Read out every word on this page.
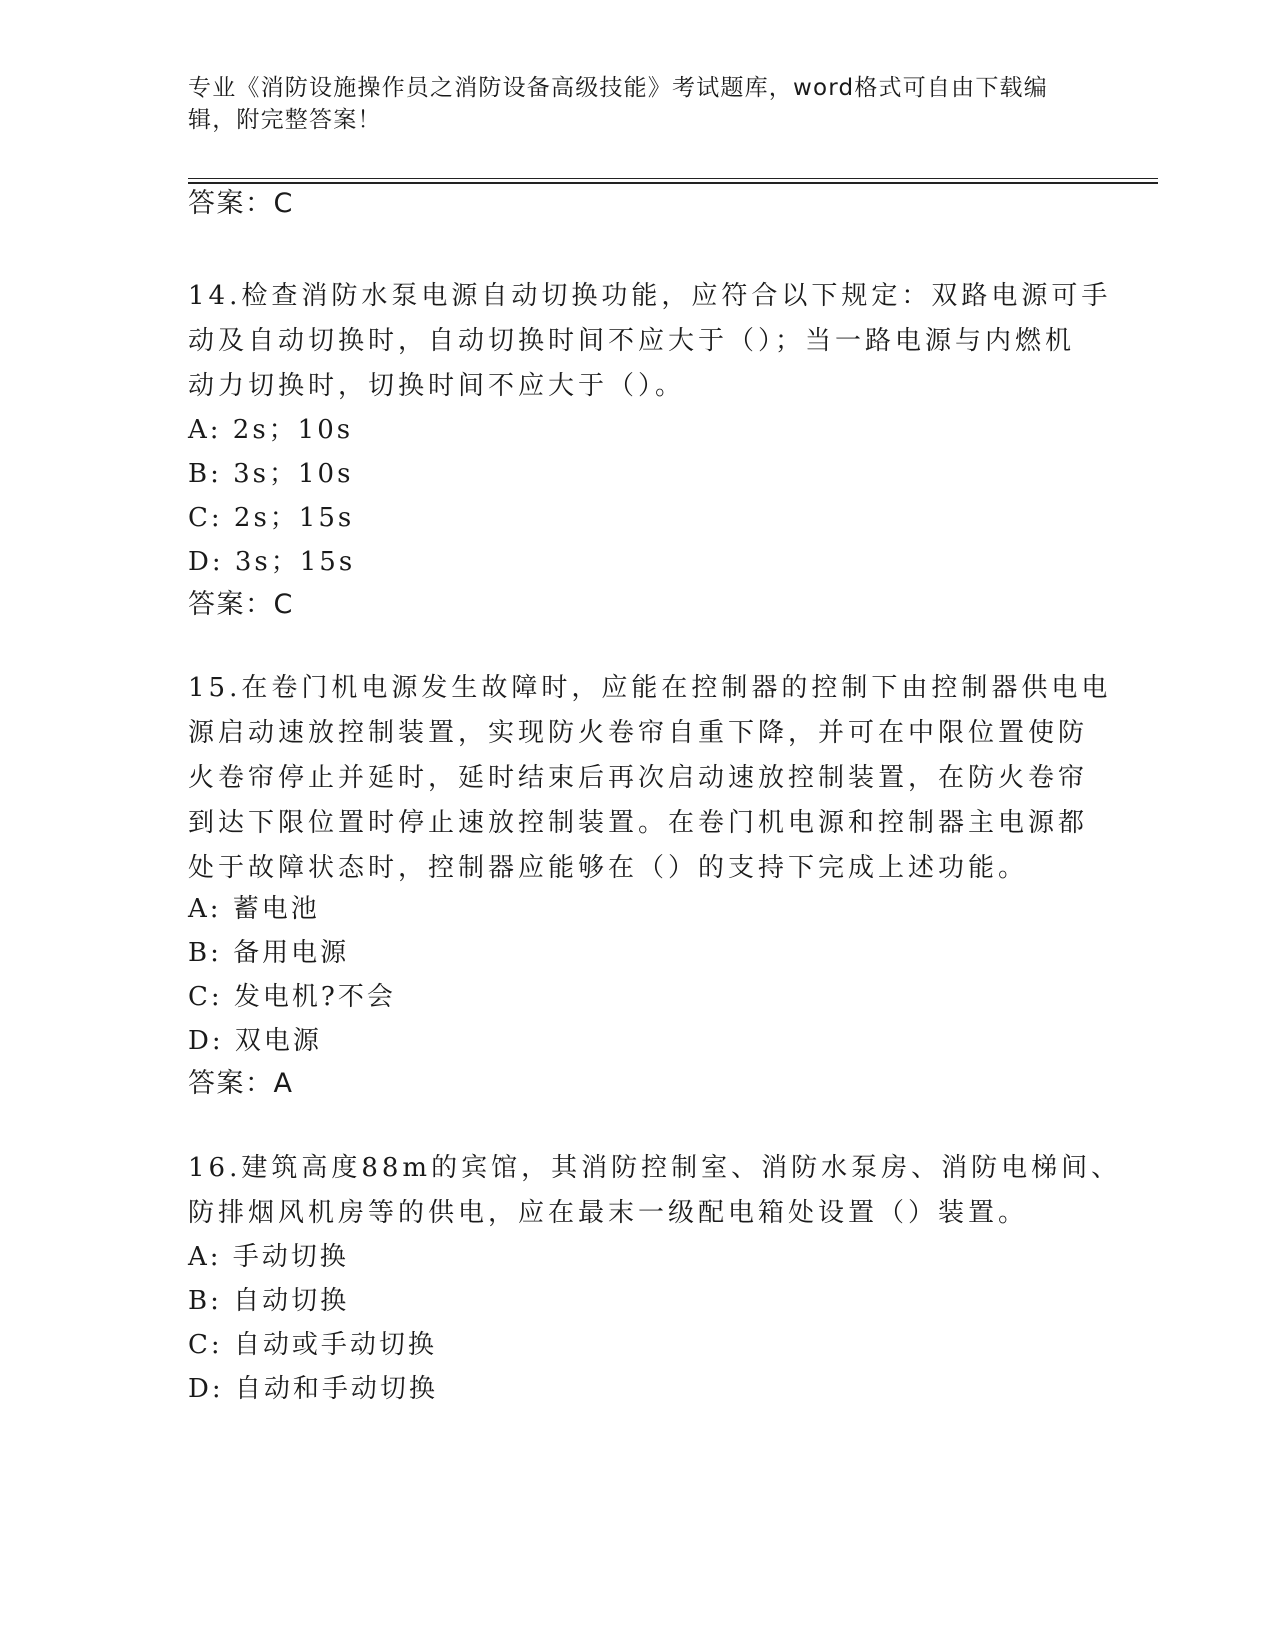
专业《消防设施操作员之消防设备高级技能》考试题库，word格式可自由下载编
辑，附完整答案！
答案：C
14.检查消防水泵电源自动切换功能，应符合以下规定：双路电源可手
动及自动切换时，自动切换时间不应大于（）；当一路电源与内燃机
动力切换时，切换时间不应大于（）。
A: 2s；10s
B: 3s；10s
C: 2s；15s
D: 3s；15s
答案：C
15.在卷门机电源发生故障时，应能在控制器的控制下由控制器供电电
源启动速放控制装置，实现防火卷帘自重下降，并可在中限位置使防
火卷帘停止并延时，延时结束后再次启动速放控制装置，在防火卷帘
到达下限位置时停止速放控制装置。在卷门机电源和控制器主电源都
处于故障状态时，控制器应能够在（）的支持下完成上述功能。
A: 蓄电池
B: 备用电源
C: 发电机?不会
D: 双电源
答案：A
16.建筑高度88m的宾馆，其消防控制室、消防水泵房、消防电梯间、
防排烟风机房等的供电，应在最末一级配电箱处设置（）装置。
A: 手动切换
B: 自动切换
C: 自动或手动切换
D: 自动和手动切换
